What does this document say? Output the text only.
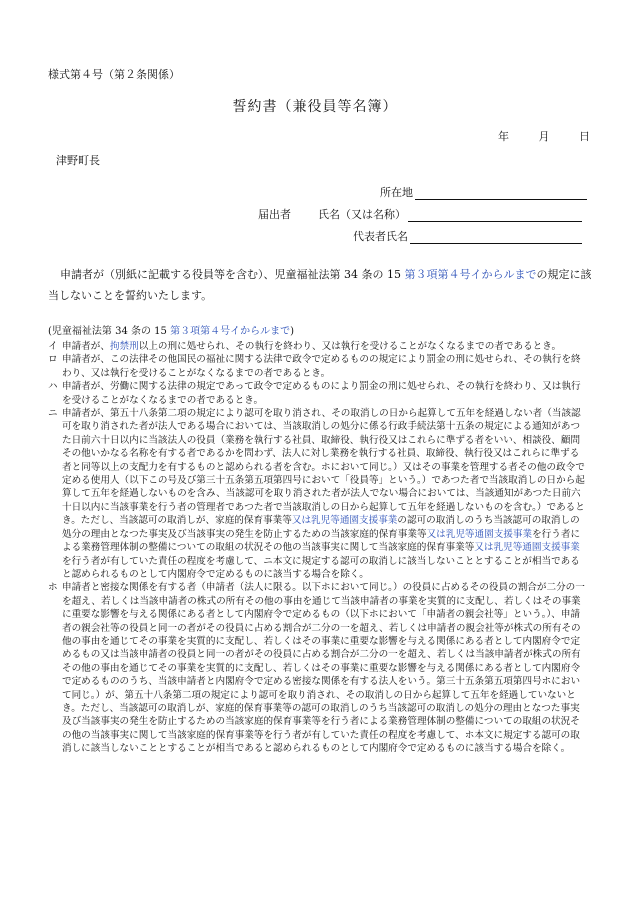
様式第４号（第２条関係）
誓約書（兼役員等名簿）
年	月	日
津野町長
所在地
届出者 氏名（又は名称）
代表者氏名
申請者が（別紙に記載する役員等を含む）、児童福祉法第 34 条の 15 第３項第４号イからルまでの規定に該当しないことを誓約いたします。
(児童福祉法第 34 条の 15 第３項第４号イからルまで)
イ 申請者が、拘禁刑以上の刑に処せられ、その執行を終わり、又は執行を受けることがなくなるまでの者であるとき。
ロ 申請者が、この法律その他国民の福祉に関する法律で政令で定めるものの規定により罰金の刑に処せられ、その執行を終わり、又は執行を受けることがなくなるまでの者であるとき。
ハ 申請者が、労働に関する法律の規定であって政令で定めるものにより罰金の刑に処せられ、その執行を終わり、又は執行を受けることがなくなるまでの者であるとき。
ニ 申請者が、第五十八条第二項の規定により認可を取り消され、その取消しの日から起算して五年を経過しない者（当該認可を取り消された者が法人である場合においては、当該取消しの処分に係る行政手続法第十五条の規定による通知があつた日前六十日以内に当該法人の役員（業務を執行する社員、取締役、執行役又はこれらに準ずる者をいい、相談役、顧問その他いかなる名称を有する者であるかを問わず、法人に対し業務を執行する社員、取締役、執行役又はこれらに準ずる者と同等以上の支配力を有するものと認められる者を含む。ホにおいて同じ。）又はその事業を管理する者その他の政令で定める使用人（以下この号及び第三十五条第五項第四号において「役員等」という。）であつた者で当該取消しの日から起算して五年を経過しないものを含み、当該認可を取り消された者が法人でない場合においては、当該通知があつた日前六十日以内に当該事業を行う者の管理者であつた者で当該取消しの日から起算して五年を経過しないものを含む。）であるとき。ただし、当該認可の取消しが、家庭的保育事業等又は乳児等通園支援事業の認可の取消しのうち当該認可の取消しの処分の理由となつた事実及び当該事実の発生を防止するための当該家庭的保育事業等又は乳児等通園支援事業を行う者による業務管理体制の整備についての取組の状況その他の当該事実に関して当該家庭的保育事業等又は乳児等通園支援事業を行う者が有していた責任の程度を考慮して、ニ本文に規定する認可の取消しに該当しないこととすることが相当であると認められるものとして内閣府令で定めるものに該当する場合を除く。
ホ 申請者と密接な関係を有する者（申請者（法人に限る。以下ホにおいて同じ。）の役員に占めるその役員の割合が二分の一を超え、若しくは当該申請者の株式の所有その他の事由を通じて当該申請者の事業を実質的に支配し、若しくはその事業に重要な影響を与える関係にある者として内閣府令で定めるもの（以下ホにおいて「申請者の親会社等」という。）、申請者の親会社等の役員と同一の者がその役員に占める割合が二分の一を超え、若しくは申請者の親会社等が株式の所有その他の事由を通じてその事業を実質的に支配し、若しくはその事業に重要な影響を与える関係にある者として内閣府令で定めるもの又は当該申請者の役員と同一の者がその役員に占める割合が二分の一を超え、若しくは当該申請者が株式の所有その他の事由を通じてその事業を実質的に支配し、若しくはその事業に重要な影響を与える関係にある者として内閣府令で定めるもののうち、当該申請者と内閣府令で定める密接な関係を有する法人をいう。第三十五条第五項第四号ホにおいて同じ。）が、第五十八条第二項の規定により認可を取り消され、その取消しの日から起算して五年を経過していないとき。ただし、当該認可の取消しが、家庭的保育事業等の認可の取消しのうち当該認可の取消しの処分の理由となつた事実及び当該事実の発生を防止するための当該家庭的保育事業等を行う者による業務管理体制の整備についての取組の状況その他の当該事実に関して当該家庭的保育事業等を行う者が有していた責任の程度を考慮して、ホ本文に規定する認可の取消しに該当しないこととすることが相当であると認められるものとして内閣府令で定めるものに該当する場合を除く。
